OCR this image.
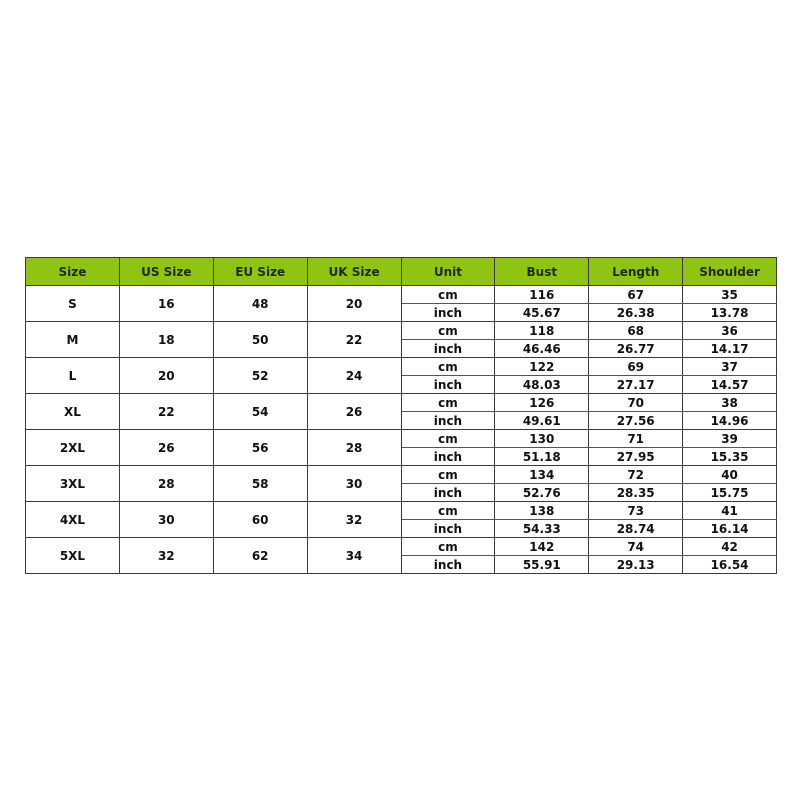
Size	US Size	EU Size	UK Size	Unit	Bust	Length	Shoulder
S	16	48	20	cm	116	67	35
				inch	45.67	26.38	13.78
M	18	50	22	cm	118	68	36
				inch	46.46	26.77	14.17
L	20	52	24	cm	122	69	37
				inch	48.03	27.17	14.57
XL	22	54	26	cm	126	70	38
				inch	49.61	27.56	14.96
2XL	26	56	28	cm	130	71	39
				inch	51.18	27.95	15.35
3XL	28	58	30	cm	134	72	40
				inch	52.76	28.35	15.75
4XL	30	60	32	cm	138	73	41
				inch	54.33	28.74	16.14
5XL	32	62	34	cm	142	74	42
				inch	55.91	29.13	16.54
